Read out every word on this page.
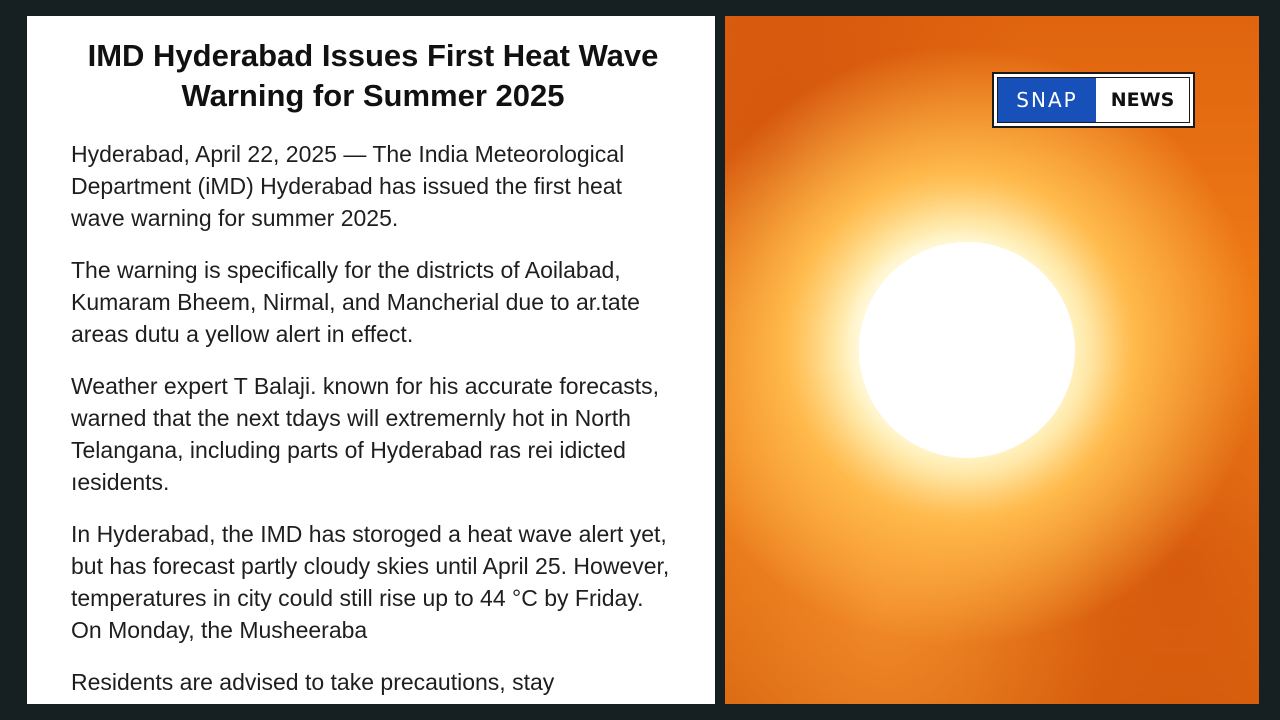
IMD Hyderabad Issues First Heat Wave Warning for Summer 2025

Hyderabad, April 22, 2025 — The India Meteorological Department (iMD) Hyderabad has issued the first heat wave warning for summer 2025.

The warning is specifically for the districts of Aoilabad, Kumaram Bheem, Nirmal, and Mancherial due to ar.tate areas dutu a yellow alert in effect.

Weather expert T Balaji. known for his accurate forecasts, warned that the next tdays will extremernly hot in North Telangana, including parts of Hyderabad ras rei idicted ıesidents.

In Hyderabad, the IMD has storoged a heat wave alert yet, but has forecast partly cloudy skies until April 25. However, temperatures in city could still rise up to 44 °C by Friday. On Monday, the Musheeraba

Residents are advised to take precautions, stay

SNAP	NEWS
